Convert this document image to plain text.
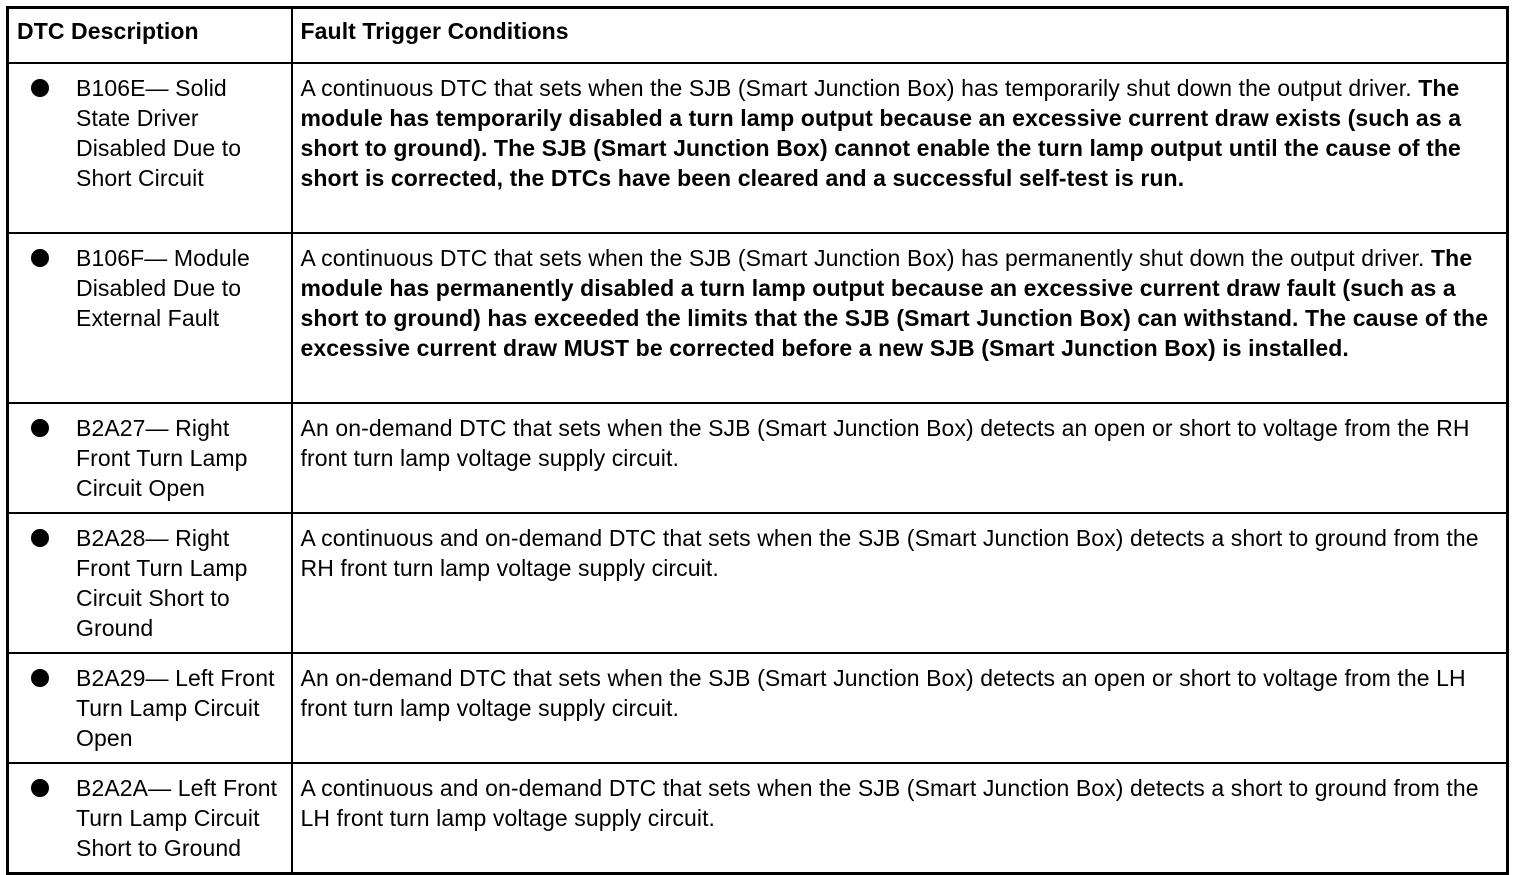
DTC Description	Fault Trigger Conditions

B106E— Solid State Driver Disabled Due to Short Circuit	A continuous DTC that sets when the SJB (Smart Junction Box) has temporarily shut down the output driver. The module has temporarily disabled a turn lamp output because an excessive current draw exists (such as a short to ground). The SJB (Smart Junction Box) cannot enable the turn lamp output until the cause of the short is corrected, the DTCs have been cleared and a successful self-test is run.

B106F— Module Disabled Due to External Fault	A continuous DTC that sets when the SJB (Smart Junction Box) has permanently shut down the output driver. The module has permanently disabled a turn lamp output because an excessive current draw fault (such as a short to ground) has exceeded the limits that the SJB (Smart Junction Box) can withstand. The cause of the excessive current draw MUST be corrected before a new SJB (Smart Junction Box) is installed.

B2A27— Right Front Turn Lamp Circuit Open	An on-demand DTC that sets when the SJB (Smart Junction Box) detects an open or short to voltage from the RH front turn lamp voltage supply circuit.

B2A28— Right Front Turn Lamp Circuit Short to Ground	A continuous and on-demand DTC that sets when the SJB (Smart Junction Box) detects a short to ground from the RH front turn lamp voltage supply circuit.

B2A29— Left Front Turn Lamp Circuit Open	An on-demand DTC that sets when the SJB (Smart Junction Box) detects an open or short to voltage from the LH front turn lamp voltage supply circuit.

B2A2A— Left Front Turn Lamp Circuit Short to Ground	A continuous and on-demand DTC that sets when the SJB (Smart Junction Box) detects a short to ground from the LH front turn lamp voltage supply circuit.
